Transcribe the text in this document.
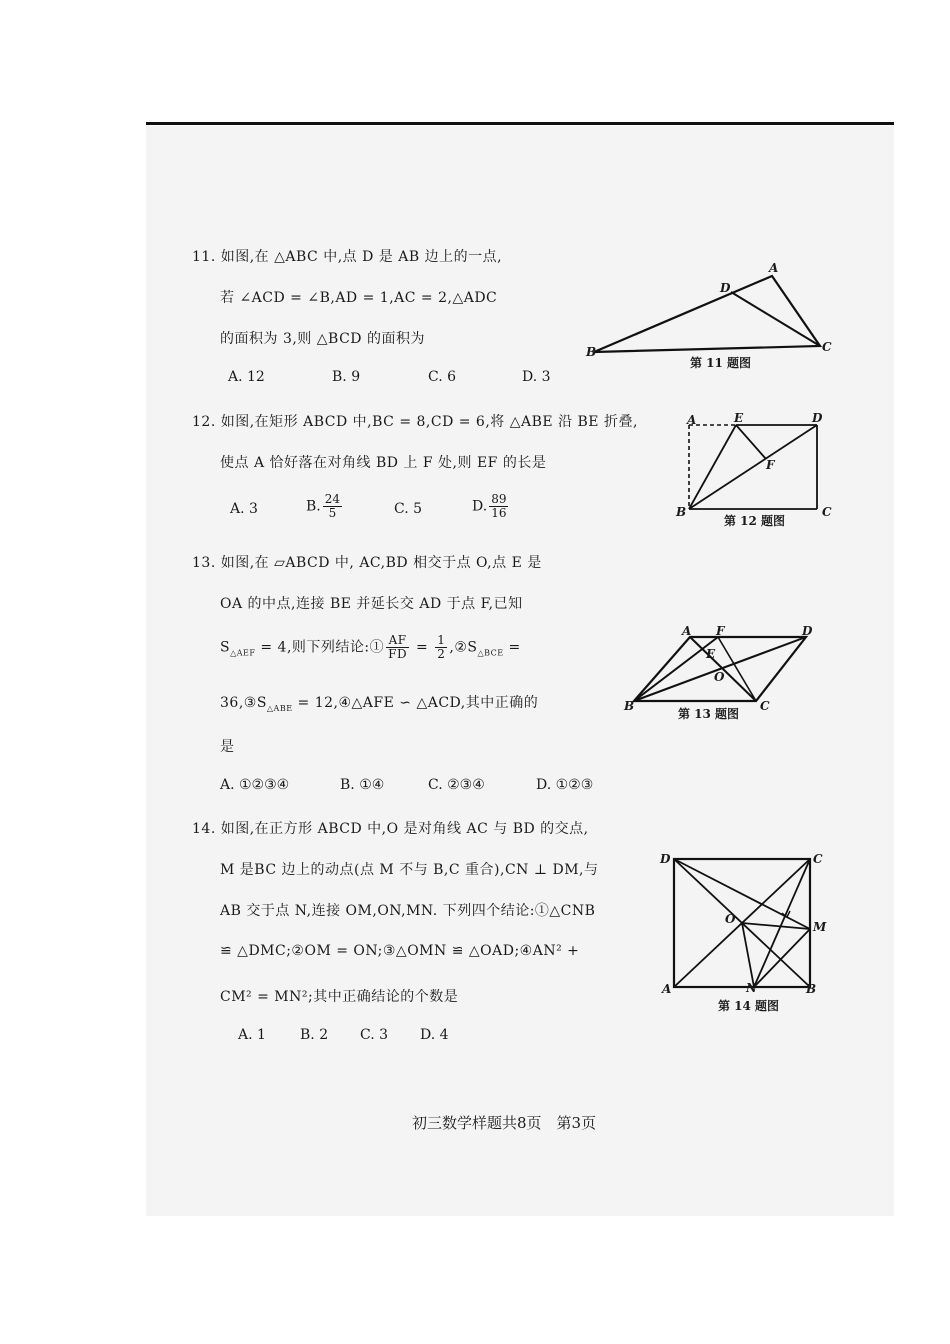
11. 如图,在 △ABC 中,点 D 是 AB 边上的一点,
若 ∠ACD = ∠B,AD = 1,AC = 2,△ADC
的面积为 3,则 △BCD 的面积为
A. 12	B. 9	C. 6	D. 3
A
D
B	C
第 11 题图
12. 如图,在矩形 ABCD 中,BC = 8,CD = 6,将 △ABE 沿 BE 折叠,
使点 A 恰好落在对角线 BD 上 F 处,则 EF 的长是
A. 3	B. $\frac{24}{5}$	C. 5	D. $\frac{89}{16}$
A	E	D
F
B	C
第 12 题图
13. 如图,在 ▱ABCD 中, AC,BD 相交于点 O,点 E 是
OA 的中点,连接 BE 并延长交 AD 于点 F,已知
$S_{\triangle AEF} = 4$,则下列结论:① $\frac{AF}{FD} = \frac{1}{2}$ $,②S_{\triangle BCE}$ =
$36,③S_{\triangle ABE}$ = 12,④△AFE ∽ △ACD,其中正确的
是
A. ①②③④	B. ①④	C. ②③④	D. ①②③
A F	D
E
O
B	C
第 13 题图
14. 如图,在正方形 ABCD 中,O 是对角线 AC 与 BD 的交点,
M 是BC 边上的动点(点 M 不与 B,C 重合),CN ⊥ DM,与
AB 交于点 N,连接 OM,ON,MN. 下列四个结论:①△CNB
≌ △DMC;②OM = ON;③△OMN ≌ △OAD;④AN² +
CM² = MN²;其中正确结论的个数是
A. 1 B. 2 C. 3 D. 4
D	C
O
M
A	N	B
第 14 题图
初三数学样题共8页　第3页
